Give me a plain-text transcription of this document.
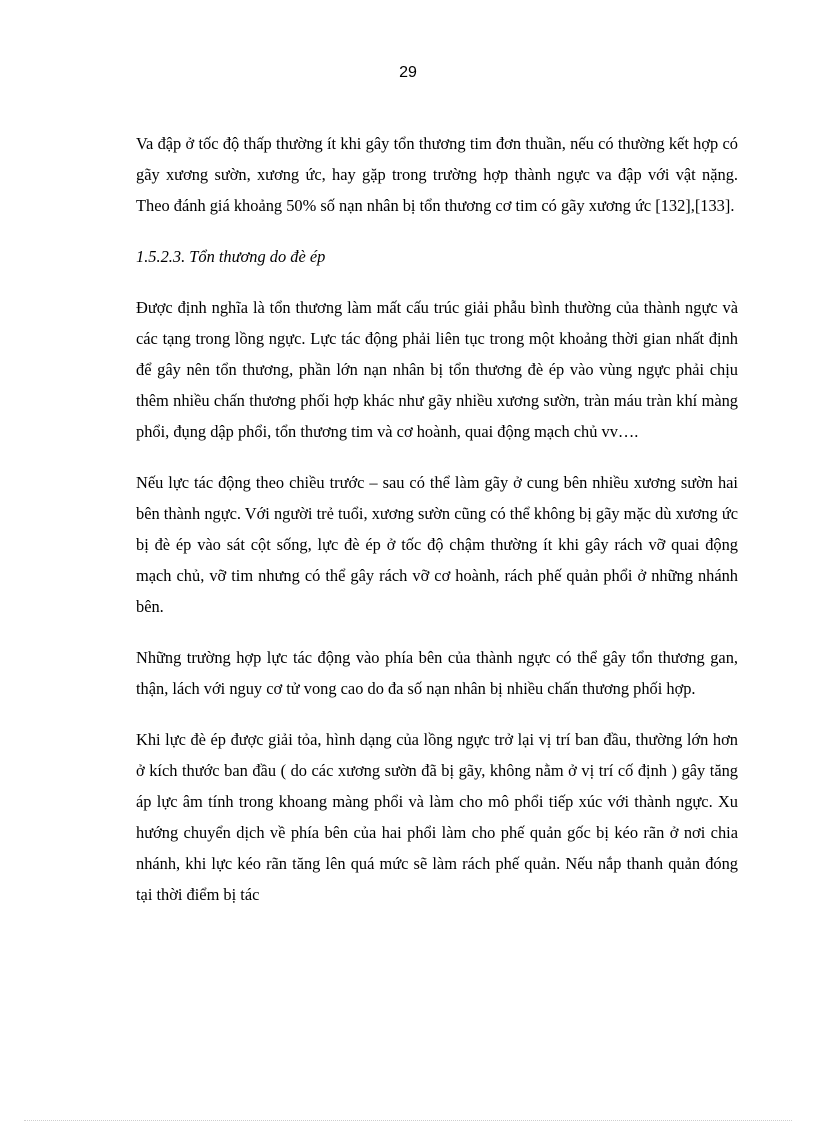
29

Va đập ở tốc độ thấp thường ít khi gây tổn thương tim đơn thuần, nếu có thường kết hợp có gãy xương sườn, xương ức, hay gặp trong trường hợp thành ngực va đập với vật nặng. Theo đánh giá khoảng 50% số nạn nhân bị tổn thương cơ tim có gãy xương ức [132],[133].

1.5.2.3. Tổn thương do đè ép

Được định nghĩa là tổn thương làm mất cấu trúc giải phẫu bình thường của thành ngực và các tạng trong lồng ngực. Lực tác động phải liên tục trong một khoảng thời gian nhất định để gây nên tổn thương, phần lớn nạn nhân bị tổn thương đè ép vào vùng ngực phải chịu thêm nhiều chấn thương phối hợp khác như gãy nhiều xương sườn, tràn máu tràn khí màng phổi, đụng dập phổi, tổn thương tim và cơ hoành, quai động mạch chủ vv….

Nếu lực tác động theo chiều trước – sau có thể làm gãy ở cung bên nhiều xương sườn hai bên thành ngực. Với người trẻ tuổi, xương sườn cũng có thể không bị gãy mặc dù xương ức bị đè ép vào sát cột sống, lực đè ép ở tốc độ chậm thường ít khi gây rách vỡ quai động mạch chủ, vỡ tim nhưng có thể gây rách vỡ cơ hoành, rách phế quản phổi ở những nhánh bên.

Những trường hợp lực tác động vào phía bên của thành ngực có thể gây tổn thương gan, thận, lách với nguy cơ tử vong cao do đa số nạn nhân bị nhiều chấn thương phối hợp.

Khi lực đè ép được giải tỏa, hình dạng của lồng ngực trở lại vị trí ban đầu, thường lớn hơn ở kích thước ban đầu ( do các xương sườn đã bị gãy, không nằm ở vị trí cố định ) gây tăng áp lực âm tính trong khoang màng phổi và làm cho mô phổi tiếp xúc với thành ngực. Xu hướng chuyển dịch về phía bên của hai phổi làm cho phế quản gốc bị kéo rãn ở nơi chia nhánh, khi lực kéo rãn tăng lên quá mức sẽ làm rách phế quản. Nếu nắp thanh quản đóng tại thời điểm bị tác
